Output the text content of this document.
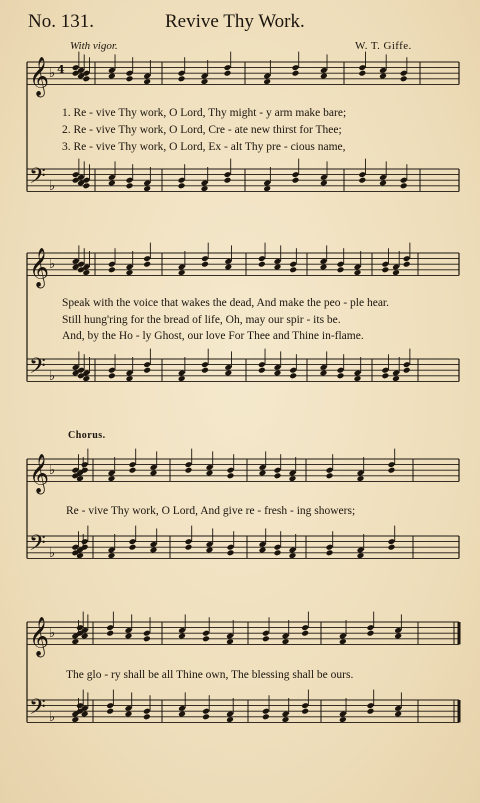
No. 131.	Revive Thy Work.
With vigor.	W. T. Giffe.
Chorus.
𝄞 ♭ 4
𝄢 ♭
𝄞 ♭
𝄢 ♭
𝄞 ♭
𝄢 ♭
𝄞 ♭
𝄢 ♭
1. Re - vive Thy work, O Lord, Thy might - y arm make bare;
2. Re - vive Thy work, O Lord, Cre - ate new thirst for Thee;
3. Re - vive Thy work, O Lord, Ex - alt Thy pre - cious name,
Speak with the voice that wakes the dead, And make the peo - ple hear.
Still hung'ring for the bread of life, Oh, may our spir - its be.
And, by the Ho - ly Ghost, our love For Thee and Thine in-flame.
Re - vive Thy work, O Lord, And give re - fresh - ing showers;
The glo - ry shall be all Thine own, The blessing shall be ours.
